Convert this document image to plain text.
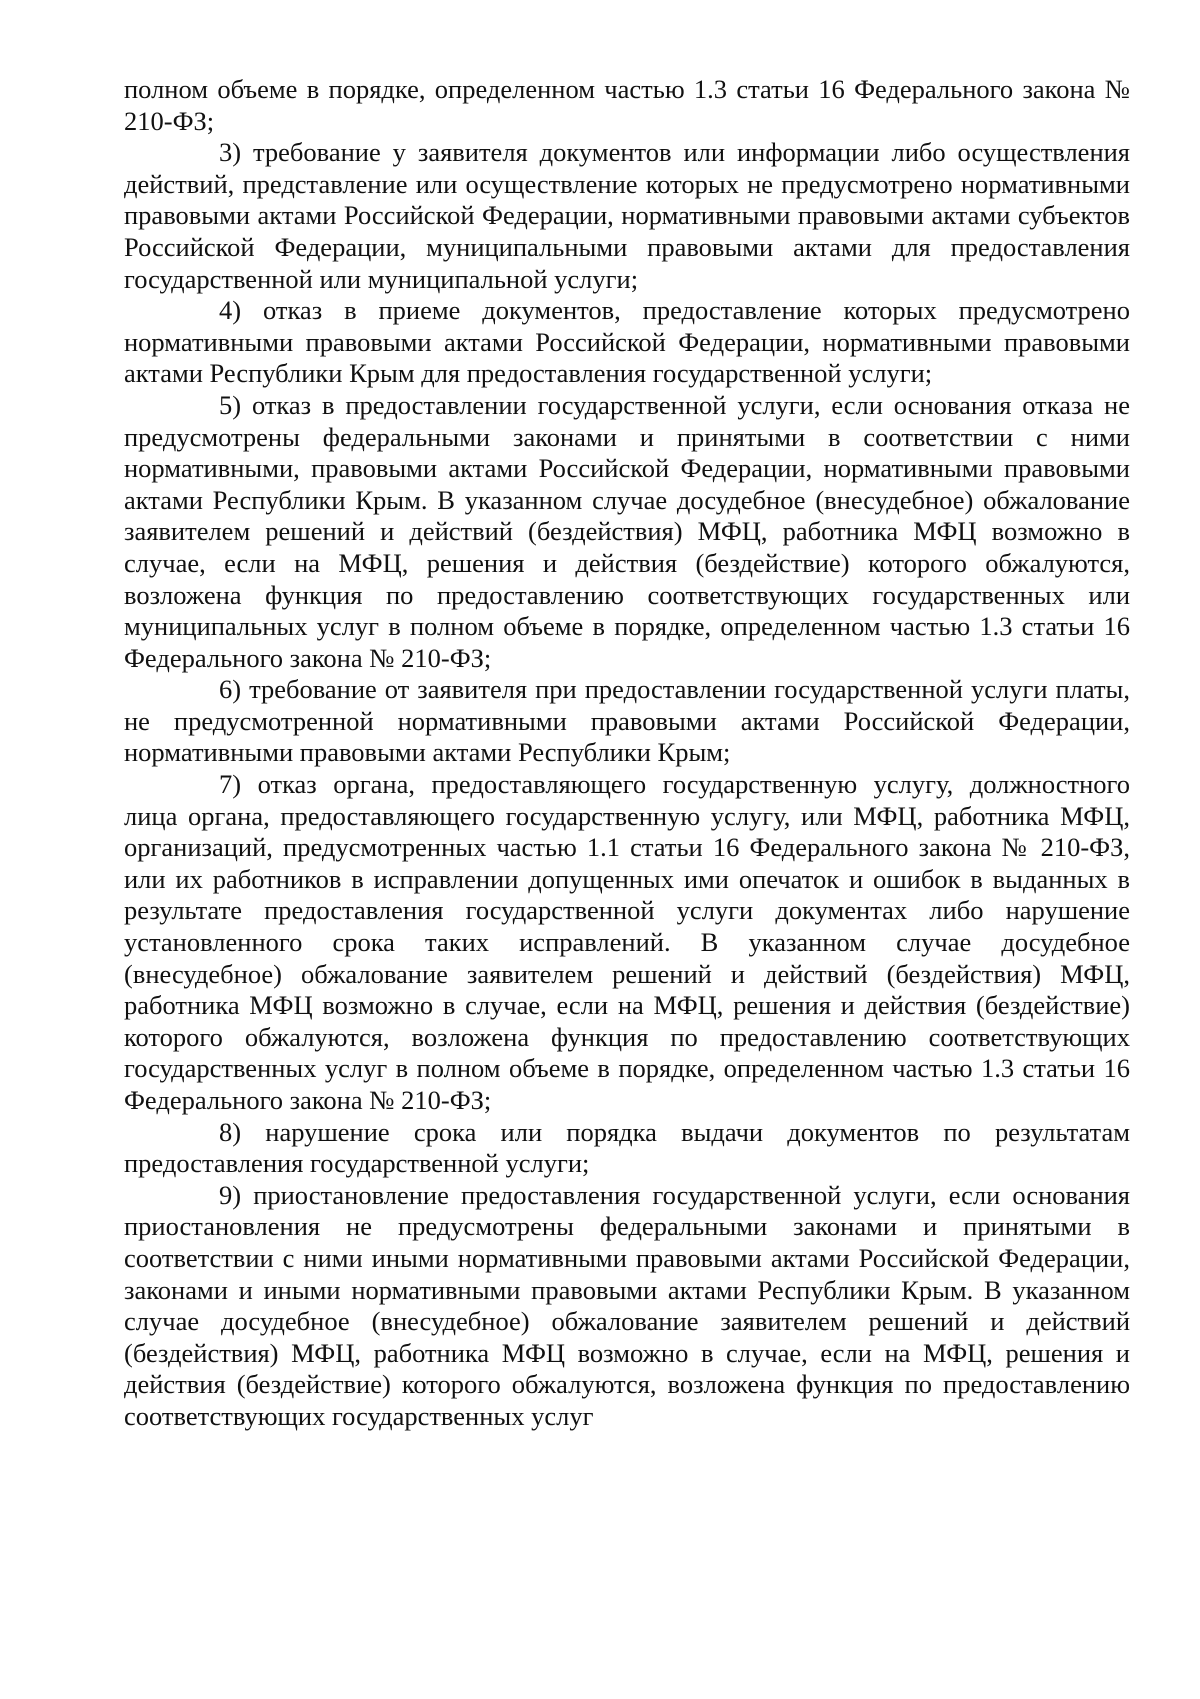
полном объеме в порядке, определенном частью 1.3 статьи 16 Федерального закона № 210-ФЗ;

3) требование у заявителя документов или информации либо осуществления действий, представление или осуществление которых не предусмотрено нормативными правовыми актами Российской Федерации, нормативными правовыми актами субъектов Российской Федерации, муниципальными правовыми актами для предоставления государственной или муниципальной услуги;

4) отказ в приеме документов, предоставление которых предусмотрено нормативными правовыми актами Российской Федерации, нормативными правовыми актами Республики Крым для предоставления государственной услуги;

5) отказ в предоставлении государственной услуги, если основания отказа не предусмотрены федеральными законами и принятыми в соответствии с ними нормативными, правовыми актами Российской Федерации, нормативными правовыми актами Республики Крым. В указанном случае досудебное (внесудебное) обжалование заявителем решений и действий (бездействия) МФЦ, работника МФЦ возможно в случае, если на МФЦ, решения и действия (бездействие) которого обжалуются, возложена функция по предоставлению соответствующих государственных или муниципальных услуг в полном объеме в порядке, определенном частью 1.3 статьи 16 Федерального закона № 210-ФЗ;

6) требование от заявителя при предоставлении государственной услуги платы, не предусмотренной нормативными правовыми актами Российской Федерации, нормативными правовыми актами Республики Крым;

7) отказ органа, предоставляющего государственную услугу, должностного лица органа, предоставляющего государственную услугу, или МФЦ, работника МФЦ, организаций, предусмотренных частью 1.1 статьи 16 Федерального закона № 210-ФЗ, или их работников в исправлении допущенных ими опечаток и ошибок в выданных в результате предоставления государственной услуги документах либо нарушение установленного срока таких исправлений. В указанном случае досудебное (внесудебное) обжалование заявителем решений и действий (бездействия) МФЦ, работника МФЦ возможно в случае, если на МФЦ, решения и действия (бездействие) которого обжалуются, возложена функция по предоставлению соответствующих государственных услуг в полном объеме в порядке, определенном частью 1.3 статьи 16 Федерального закона № 210-ФЗ;

8) нарушение срока или порядка выдачи документов по результатам предоставления государственной услуги;

9) приостановление предоставления государственной услуги, если основания приостановления не предусмотрены федеральными законами и принятыми в соответствии с ними иными нормативными правовыми актами Российской Федерации, законами и иными нормативными правовыми актами Республики Крым. В указанном случае досудебное (внесудебное) обжалование заявителем решений и действий (бездействия) МФЦ, работника МФЦ возможно в случае, если на МФЦ, решения и действия (бездействие) которого обжалуются, возложена функция по предоставлению соответствующих государственных услуг
